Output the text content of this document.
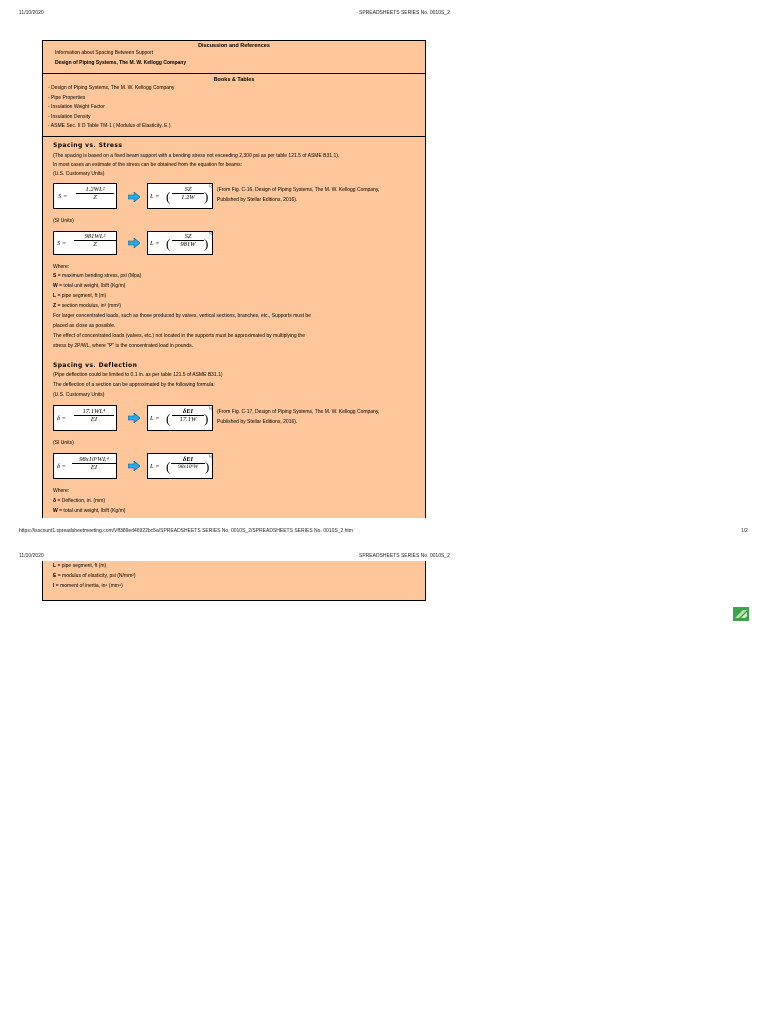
11/10/2020	SPREADSHEETS SERIES No. 0010S_2
Discussion and References
Information about Spacing Between Support
Design of Piping Systems, The M. W. Kellogg Company
Books & Tables
- Design of Piping Systems, The M. W. Kellogg Company
- Pipe Properties
- Insulation Weight Factor
- Insulation Density
- ASME Sec. II D Table TM-1 ( Modulus of Elasticity, E )
Spacing vs. Stress
(The spacing is based on a fixed beam support with a bending stress not exceeding 2,300 psi as per table 121.5 of ASME B31.1).
In most cases an estimate of the stress can be obtained from the equation for beams:
(U.S. Customary Units)
$S = \frac{\text{1.2WL²}}{Z}$	L = ( $\frac{SZ}{1.2W}$ )
½ (From Fig. C-16, Design of Piping Systems, The M. W. Kellogg Company,
Published by Stellar Editions, 2016).
(SI Units)
$S = \frac{\text{981WL²}}{Z}$	L = ( $\frac{SZ}{981W}$ )
½
Where:
S = maximum bending stress, psi (Mpa)
W = total unit weight, lb/ft (Kg/m)
L = pipe segment, ft (m)
Z = section modulus, in³ (mm³)
For larger concentrated loads, such as those produced by valves, vertical sections, branches, etc., Supports must be
placed as close as possible.
The effect of concentrated loads (valves, etc.) not located in the supports must be approximated by multiplying the
stress by 2P/WL, where "P" is the concentrated load in pounds.
Spacing vs. Deflection
(Pipe deflection could be limited to 0.1 in. as per table 121.5 of ASME B31.1)
The deflection of a section can be approximated by the following formula:
(U.S. Customary Units)
$\delta = \frac{\text{17.1WL⁴}}{EI}$	L = (	δEI
17.1W )
¼ (From Fig. C-17, Design of Piping Systems, The M. W. Kellogg Company,
Published by Stellar Editions, 2016).
(SI Units)
$\delta = \frac{\text{98x10⁹WL⁴}}{EI}$	L = (	δEI
98x10⁹W )
¼
Where:
δ = Deflection, in. (mm)
W = total unit weight, lb/ft (Kg/m)
https://isscount1.spreadsheetmeeting.com/Vff389ed46922bc5a/SPREADSHEETS SERIES No. 0010S_2/SPREADSHEETS SERIES No. 0010S_2.htm	1/2
11/10/2020	SPREADSHEETS SERIES No. 0010S_2
L = pipe segment, ft (m)
E = modulus of elasticity, psi (N/mm²)
I = moment of inertia, in⁴ (mm⁴)
